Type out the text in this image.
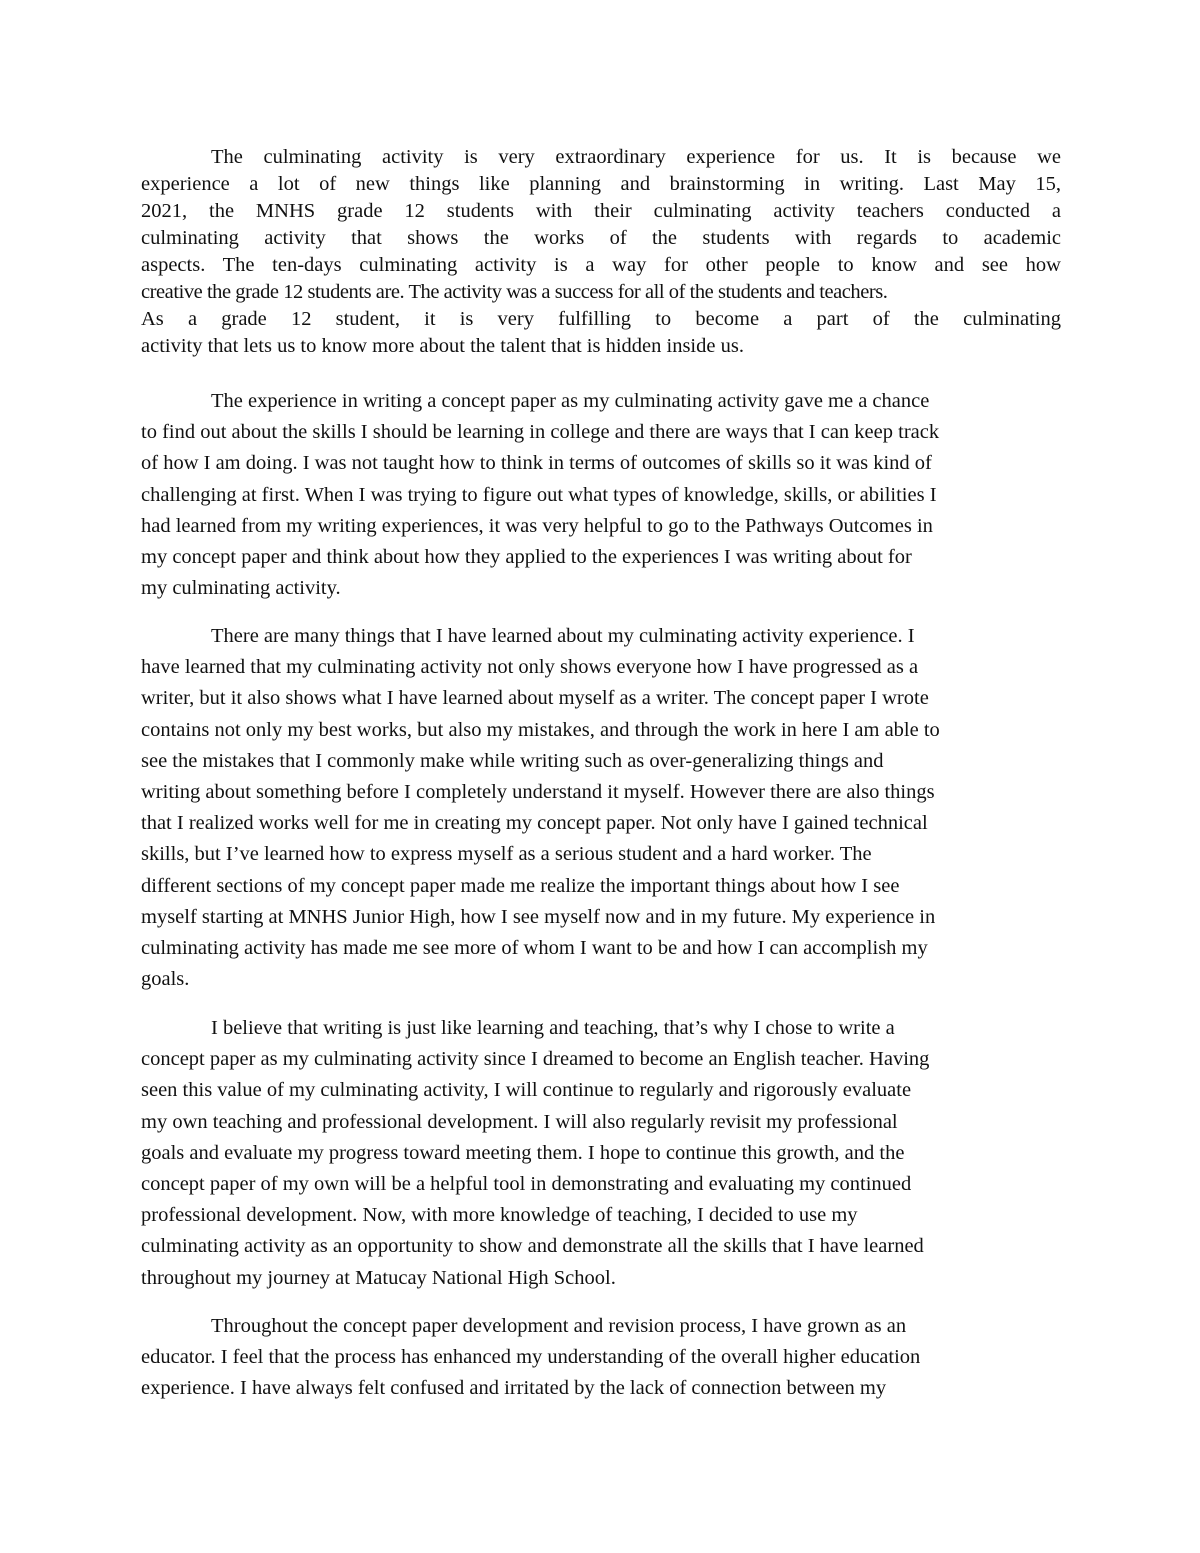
The culminating activity is very extraordinary experience for us. It is because we
experience a lot of new things like planning and brainstorming in writing. Last May 15,
2021, the MNHS grade 12 students with their culminating activity teachers conducted a
culminating activity that shows the works of the students with regards to academic
aspects. The ten-days culminating activity is a way for other people to know and see how
creative the grade 12 students are. The activity was a success for all of the students and teachers.
As a grade 12 student, it is very fulfilling to become a part of the culminating
activity that lets us to know more about the talent that is hidden inside us.
The experience in writing a concept paper as my culminating activity gave me a chance
to find out about the skills I should be learning in college and there are ways that I can keep track
of how I am doing. I was not taught how to think in terms of outcomes of skills so it was kind of
challenging at first. When I was trying to figure out what types of knowledge, skills, or abilities I
had learned from my writing experiences, it was very helpful to go to the Pathways Outcomes in
my concept paper and think about how they applied to the experiences I was writing about for
my culminating activity.
There are many things that I have learned about my culminating activity experience. I
have learned that my culminating activity not only shows everyone how I have progressed as a
writer, but it also shows what I have learned about myself as a writer. The concept paper I wrote
contains not only my best works, but also my mistakes, and through the work in here I am able to
see the mistakes that I commonly make while writing such as over-generalizing things and
writing about something before I completely understand it myself. However there are also things
that I realized works well for me in creating my concept paper. Not only have I gained technical
skills, but I’ve learned how to express myself as a serious student and a hard worker. The
different sections of my concept paper made me realize the important things about how I see
myself starting at MNHS Junior High, how I see myself now and in my future. My experience in
culminating activity has made me see more of whom I want to be and how I can accomplish my
goals.
I believe that writing is just like learning and teaching, that’s why I chose to write a
concept paper as my culminating activity since I dreamed to become an English teacher. Having
seen this value of my culminating activity, I will continue to regularly and rigorously evaluate
my own teaching and professional development. I will also regularly revisit my professional
goals and evaluate my progress toward meeting them. I hope to continue this growth, and the
concept paper of my own will be a helpful tool in demonstrating and evaluating my continued
professional development. Now, with more knowledge of teaching, I decided to use my
culminating activity as an opportunity to show and demonstrate all the skills that I have learned
throughout my journey at Matucay National High School.
Throughout the concept paper development and revision process, I have grown as an
educator. I feel that the process has enhanced my understanding of the overall higher education
experience. I have always felt confused and irritated by the lack of connection between my
